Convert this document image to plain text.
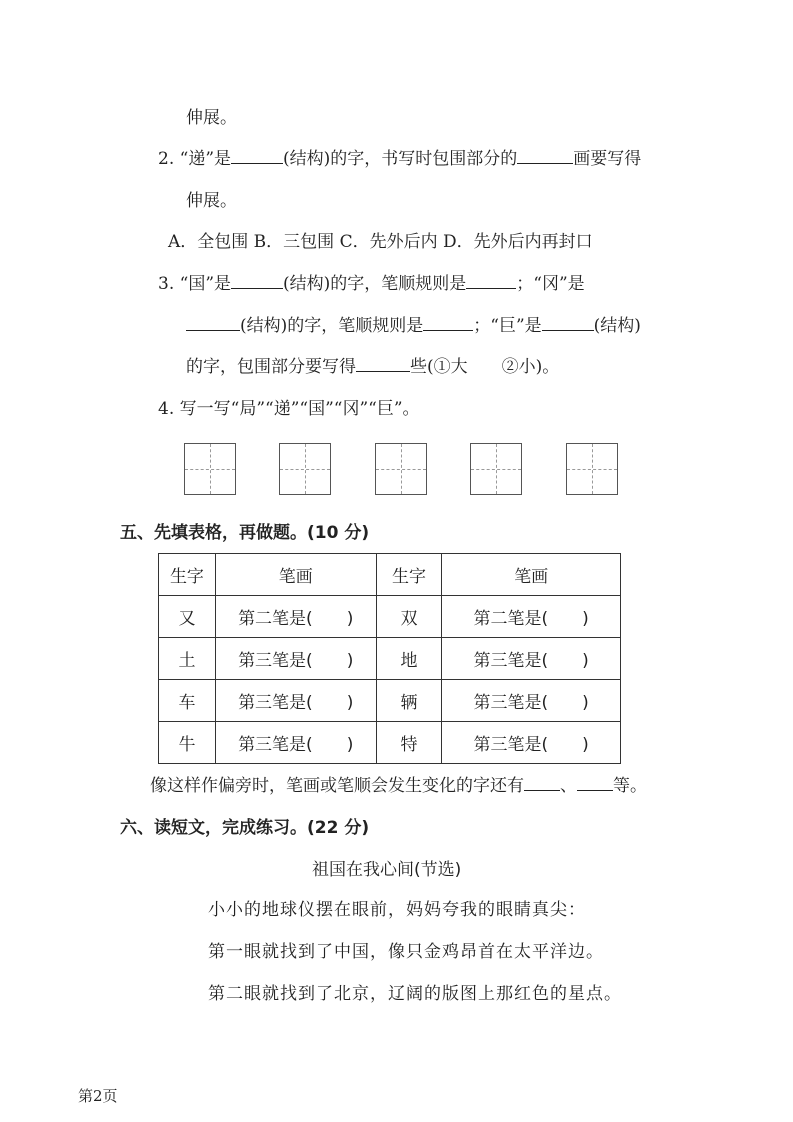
伸展。
2. “递”是	(结构)的字，书写时包围部分的	画要写得
伸展。
A．全包围 B．三包围 C．先外后内 D．先外后内再封口
3. “国”是	(结构)的字，笔顺规则是	；“冈”是
(结构)的字，笔顺规则是	；“巨”是	(结构)
的字，包围部分要写得	些(①大　　②小)。
4. 写一写“局”“递”“国”“冈”“巨”。
五、先填表格，再做题。(10 分)
生字	笔画	生字	笔画
又	第二笔是(　　)	双	第二笔是(　　)
土	第三笔是(　　)	地	第三笔是(　　)
车	第三笔是(　　)	辆	第三笔是(　　)
牛	第三笔是(　　)	特	第三笔是(　　)
像这样作偏旁时，笔画或笔顺会发生变化的字还有 、 等。
六、读短文，完成练习。(22 分)
祖国在我心间(节选)
小小的地球仪摆在眼前，妈妈夸我的眼睛真尖：
第一眼就找到了中国，像只金鸡昂首在太平洋边。
第二眼就找到了北京，辽阔的版图上那红色的星点。
第2页
